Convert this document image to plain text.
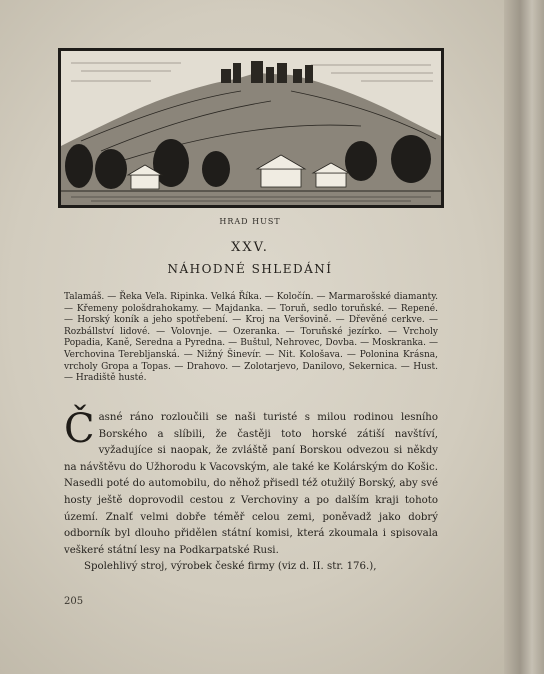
HRAD HUST
XXV.
NÁHODNÉ SHLEDÁNÍ
Talamáš. — Řeka Veľa. Ripinka. Velká Říka. — Koločín. — Marmarošské diamanty. — Křemeny pološdrahokamy. — Majdanka. — Toruň, sedlo toruňské. — Repené. — Horský koník a jeho spotřebení. — Kroj na Veršovině. — Dřevěné cerkve. — Rozbállství lidové. — Volovnje. — Ozeranka. — Toruňské jezírko. — Vrcholy Popadia, Kaně, Seredna a Pyredna. — Buštul, Nehrovec, Dovba. — Moskranka. — Verchovina Terebljanská. — Nižný Šinevír. — Nit. Kološava. — Polonina Krásna, vrcholy Gropa a Topas. — Drahovo. — Zolotarjevo, Danilovo, Sekernica. — Hust. — Hradiště husté.
Č asné ráno rozloučili se naši turisté s milou rodinou lesního Borského a slíbili, že častěji toto horské zátiší navštíví, vyžadujíce si naopak, že zvláště paní Borskou odvezou si někdy na návštěvu do Užhorodu k Vacovským, ale také ke Kolárským do Košic. Nasedli poté do automobilu, do něhož přisedl též otužilý Borský, aby své hosty ještě doprovodil cestou z Verchoviny a po dalším kraji tohoto území. Znalť velmi dobře téměř celou zemi, poněvadž jako dobrý odborník byl dlouho přidělen státní komisi, která zkoumala i spisovala veškeré státní lesy na Podkarpatské Rusi.
Spolehlivý stroj, výrobek české firmy (viz d. II. str. 176.),
205
